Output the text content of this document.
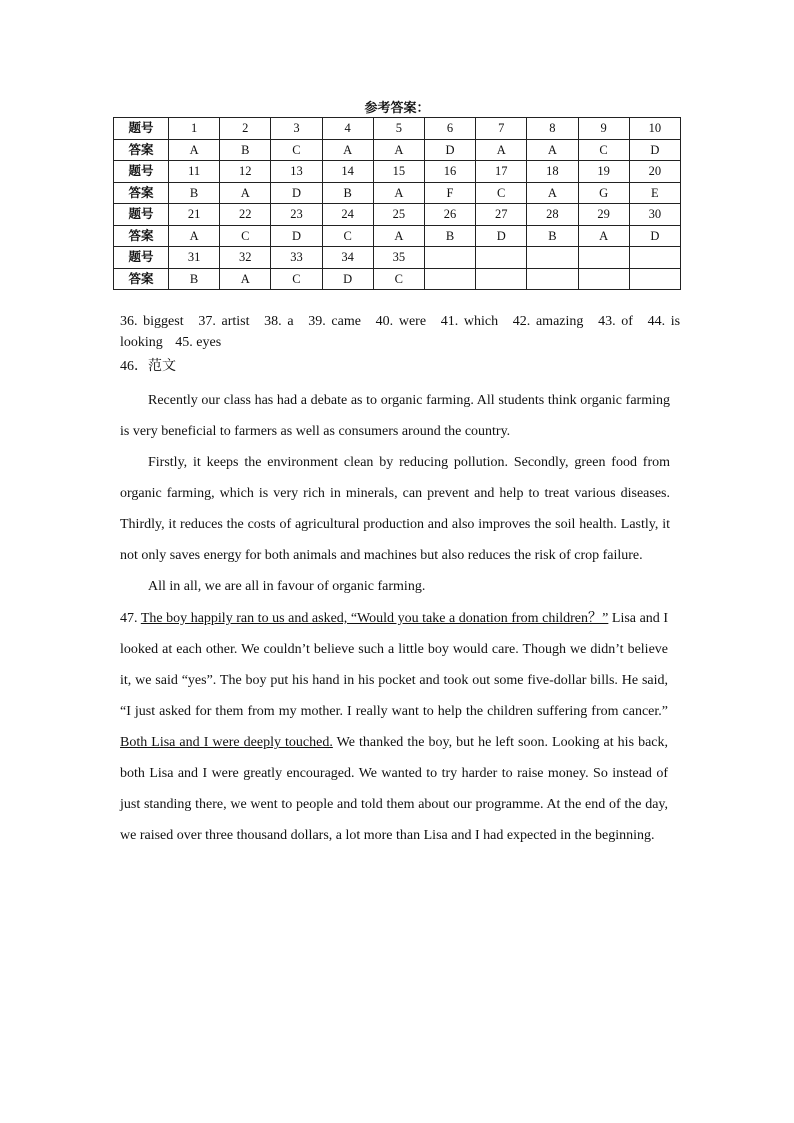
参考答案：
题号	1	2	3	4	5	6	7	8	9	10
答案	A	B	C	A	A	D	A	A	C	D
题号	11	12	13	14	15	16	17	18	19	20
答案	B	A	D	B	A	F	C	A	G	E
题号	21	22	23	24	25	26	27	28	29	30
答案	A	C	D	C	A	B	D	B	A	D
题号	31	32	33	34	35					
答案	B	A	C	D	C					
36. biggest 37. artist 38. a 39. came 40. were 41. which 42. amazing 43. of 44. is looking 45. eyes
46．范文

Recently our class has had a debate as to organic farming. All students think organic farming is very beneficial to farmers as well as consumers around the country.

Firstly, it keeps the environment clean by reducing pollution. Secondly, green food from organic farming, which is very rich in minerals, can prevent and help to treat various diseases. Thirdly, it reduces the costs of agricultural production and also improves the soil health. Lastly, it not only saves energy for both animals and machines but also reduces the risk of crop failure.

All in all, we are all in favour of organic farming.

47. The boy happily ran to us and asked, “Would you take a donation from children？” Lisa and I looked at each other. We couldn’t believe such a little boy would care. Though we didn’t believe it, we said “yes”. The boy put his hand in his pocket and took out some five-dollar bills. He said, “I just asked for them from my mother. I really want to help the children suffering from cancer.” Both Lisa and I were deeply touched. We thanked the boy, but he left soon. Looking at his back, both Lisa and I were greatly encouraged. We wanted to try harder to raise money. So instead of just standing there, we went to people and told them about our programme. At the end of the day, we raised over three thousand dollars, a lot more than Lisa and I had expected in the beginning.
